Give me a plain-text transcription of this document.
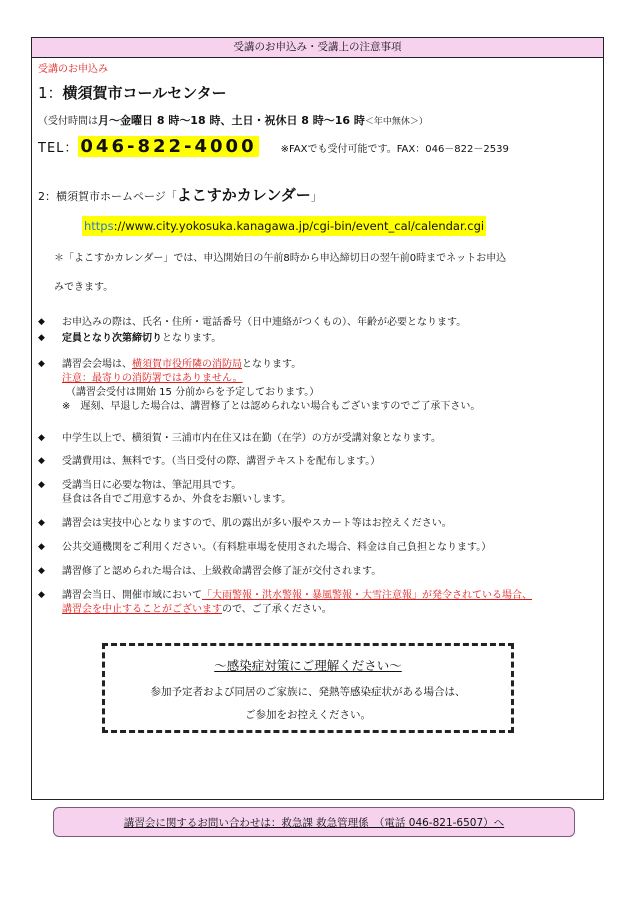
受講のお申込み・受講上の注意事項
受講のお申込み
1：横須賀市コールセンター
（受付時間は月～金曜日 8 時～18 時、土日・祝休日 8 時～16 時＜年中無休＞）
TEL： 046-822-4000 ※FAXでも受付可能です。FAX：046－822－2539
2：横須賀市ホームページ「よこすかカレンダー」
https://www.city.yokosuka.kanagawa.jp/cgi-bin/event_cal/calendar.cgi
＊「よこすかカレンダー」では、申込開始日の午前8時から申込締切日の翌午前0時までネットお申込
みできます。
◆ お申込みの際は、氏名・住所・電話番号（日中連絡がつくもの）、年齢が必要となります。
◆ 定員となり次第締切りとなります。
◆ 講習会会場は、横須賀市役所隣の消防局となります。
注意：最寄りの消防署ではありません。
（講習会受付は開始 15 分前からを予定しております。）
※　遅刻、早退した場合は、講習修了とは認められない場合もございますのでご了承下さい。
◆ 中学生以上で、横須賀・三浦市内在住又は在勤（在学）の方が受講対象となります。
◆ 受講費用は、無料です。（当日受付の際、講習テキストを配布します。）
◆ 受講当日に必要な物は、筆記用具です。
昼食は各自でご用意するか、外食をお願いします。
◆ 講習会は実技中心となりますので、肌の露出が多い服やスカート等はお控えください。
◆ 公共交通機関をご利用ください。（有料駐車場を使用された場合、料金は自己負担となります。）
◆ 講習修了と認められた場合は、上級救命講習会修了証が交付されます。
◆ 講習会当日、開催市域において「大雨警報・洪水警報・暴風警報・大雪注意報」が発令されている場合、
講習会を中止することがございますので、ご了承ください。
～感染症対策にご理解ください～
参加予定者および同居のご家族に、発熱等感染症状がある場合は、
ご参加をお控えください。
講習会に関するお問い合わせは：救急課 救急管理係　（電話 046-821-6507）へ
